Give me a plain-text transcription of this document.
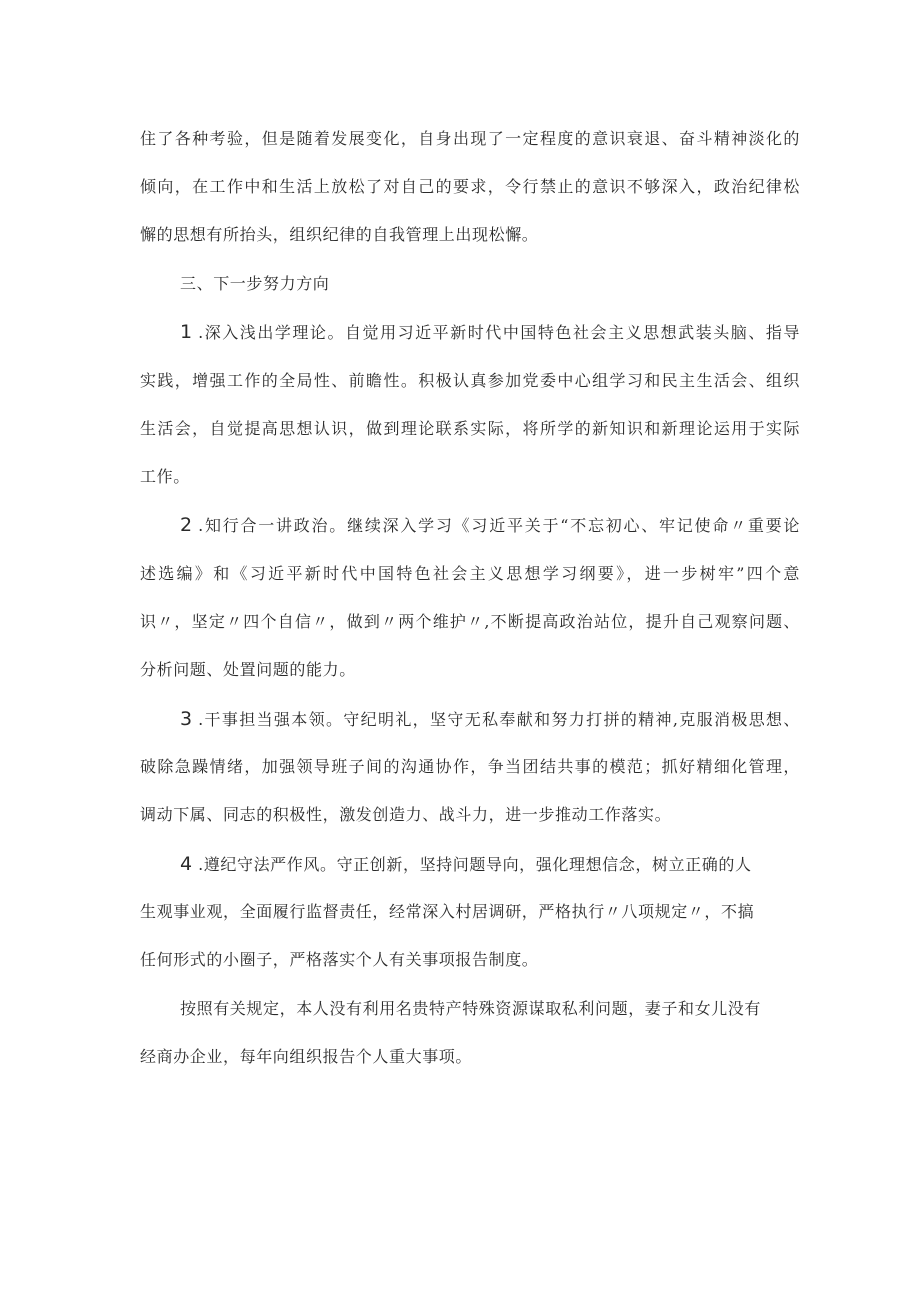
住了各种考验，但是随着发展变化，自身出现了一定程度的意识衰退、奋斗精神淡化的
倾向，在工作中和生活上放松了对自己的要求，令行禁止的意识不够深入，政治纪律松
懈的思想有所抬头，组织纪律的自我管理上出现松懈。
三、下一步努力方向
1 .深入浅出学理论。自觉用习近平新时代中国特色社会主义思想武装头脑、指导
实践，增强工作的全局性、前瞻性。积极认真参加党委中心组学习和民主生活会、组织
生活会，自觉提高思想认识，做到理论联系实际，将所学的新知识和新理论运用于实际
工作。
2 .知行合一讲政治。继续深入学习《习近平关于“不忘初心、牢记使命〃重要论
述选编》和《习近平新时代中国特色社会主义思想学习纲要》，进一步树牢”四个意
识〃，坚定〃四个自信〃，做到〃两个维护〃,不断提高政治站位，提升自己观察问题、
分析问题、处置问题的能力。
3 .干事担当强本领。守纪明礼，坚守无私奉献和努力打拼的精神,克服消极思想、
破除急躁情绪，加强领导班子间的沟通协作，争当团结共事的模范；抓好精细化管理，
调动下属、同志的积极性，激发创造力、战斗力，进一步推动工作落实。
4 .遵纪守法严作风。守正创新，坚持问题导向，强化理想信念，树立正确的人
生观事业观，全面履行监督责任，经常深入村居调研，严格执行〃八项规定〃，不搞
任何形式的小圈子，严格落实个人有关事项报告制度。
按照有关规定，本人没有利用名贵特产特殊资源谋取私利问题，妻子和女儿没有
经商办企业，每年向组织报告个人重大事项。
